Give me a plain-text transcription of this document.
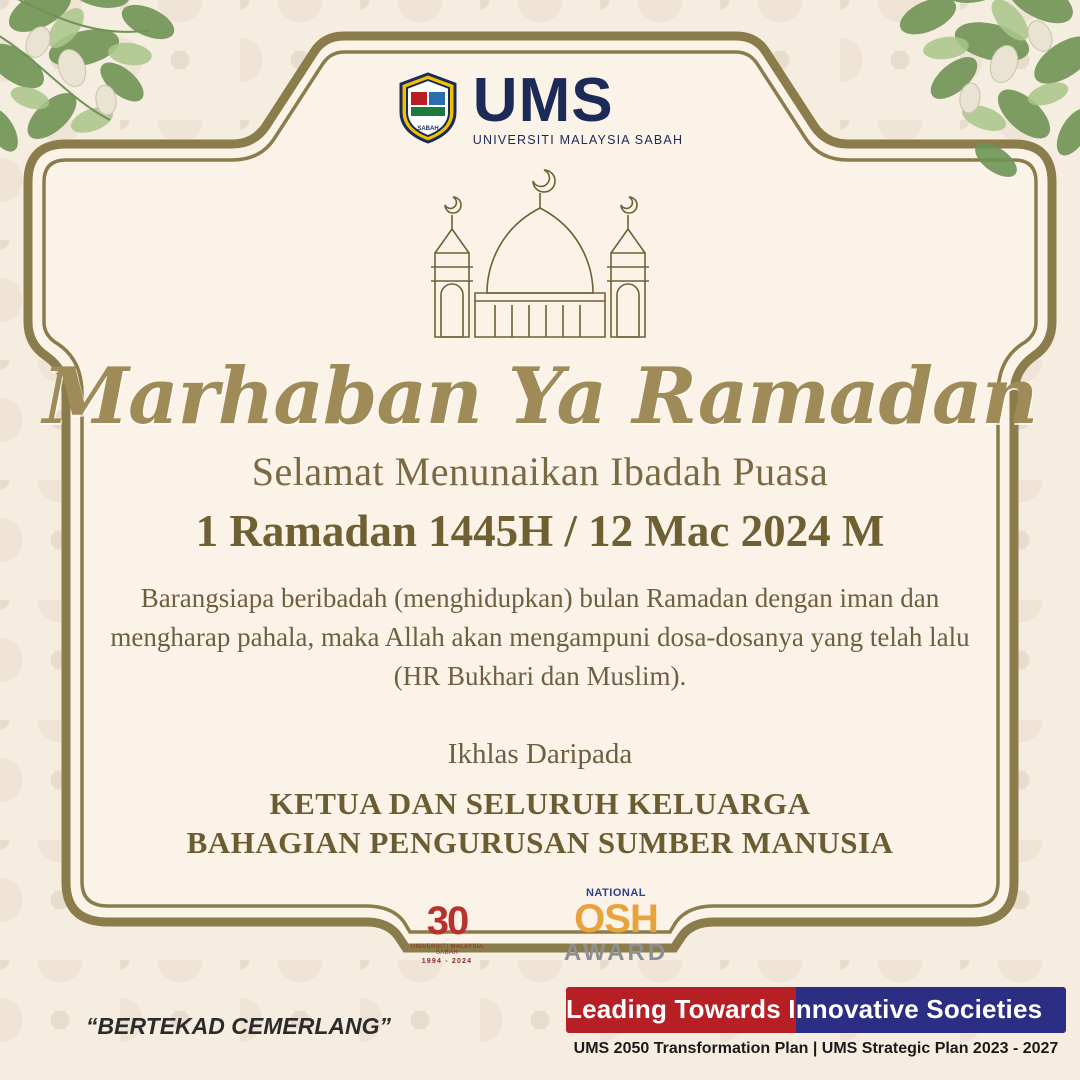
SABAH UMS
UNIVERSITI MALAYSIA SABAH
Marhaban Ya Ramadan
Selamat Menunaikan Ibadah Puasa
1 Ramadan 1445H / 12 Mac 2024 M
Barangsiapa beribadah (menghidupkan) bulan Ramadan dengan iman dan mengharap pahala, maka Allah akan mengampuni dosa-dosanya yang telah lalu (HR Bukhari dan Muslim).
Ikhlas Daripada
KETUA DAN SELURUH KELUARGA
BAHAGIAN PENGURUSAN SUMBER MANUSIA
30
UNIVERSITI MALAYSIA SABAH
1994 - 2024
NATIONAL
OSH
AWARD
“BERTEKAD CEMERLANG”
Leading Towards Innovative Societies
UMS 2050 Transformation Plan | UMS Strategic Plan 2023 - 2027
